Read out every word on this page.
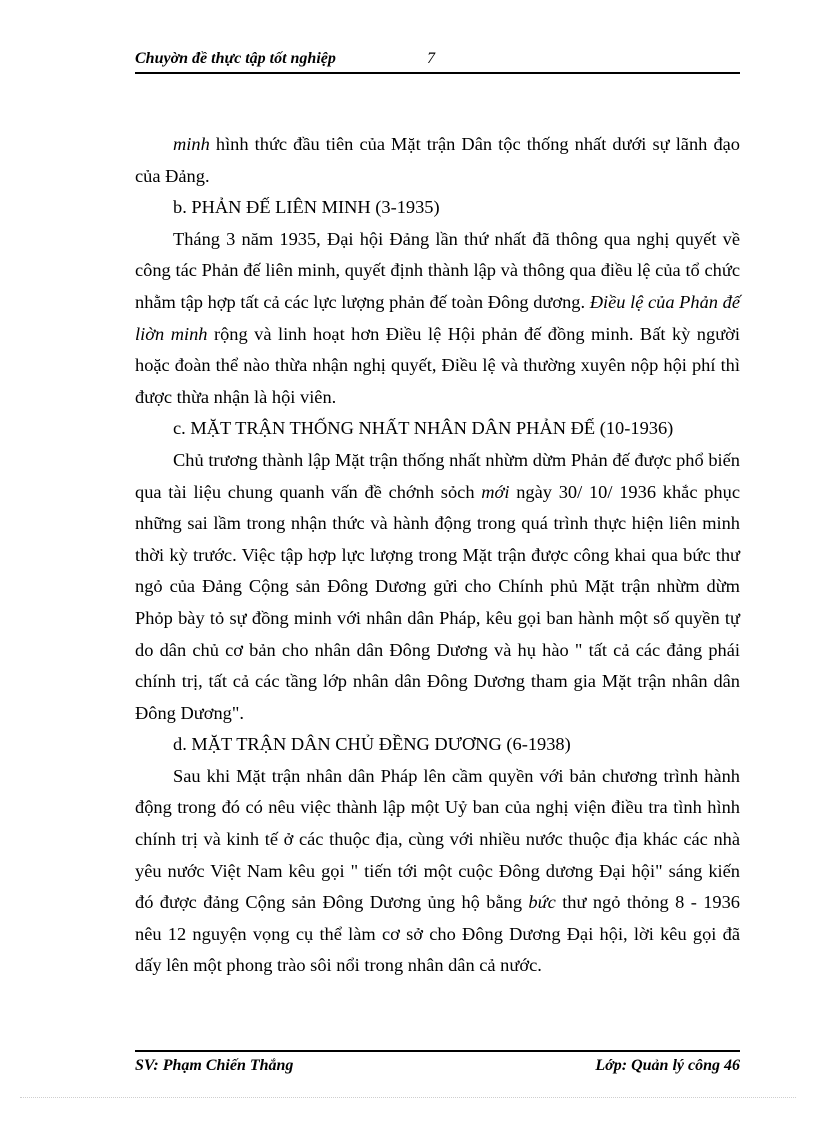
Chuyờn đề thực tập tốt nghiệp	7

minh hình thức đầu tiên của Mặt trận Dân tộc thống nhất dưới sự lãnh đạo của Đảng.

b. PHẢN ĐẾ LIÊN MINH (3-1935)

Tháng 3 năm 1935, Đại hội Đảng lần thứ nhất đã thông qua nghị quyết về công tác Phản đế liên minh, quyết định thành lập và thông qua điều lệ của tổ chức nhằm tập hợp tất cả các lực lượng phản đế toàn Đông dương. Điều lệ của Phản đế liờn minh rộng và linh hoạt hơn Điều lệ Hội phản đế đồng minh. Bất kỳ người hoặc đoàn thể nào thừa nhận nghị quyết, Điều lệ và thường xuyên nộp hội phí thì được thừa nhận là hội viên.

c. MẶT TRẬN THỐNG NHẤT NHÂN DÂN PHẢN ĐẾ (10-1936)

Chủ trương thành lập Mặt trận thống nhất nhừm dừm Phản đế được phổ biến qua tài liệu chung quanh vấn đề chớnh sỏch mới ngày 30/ 10/ 1936 khắc phục những sai lầm trong nhận thức và hành động trong quá trình thực hiện liên minh thời kỳ trước. Việc tập hợp lực lượng trong Mặt trận được công khai qua bức thư ngỏ của Đảng Cộng sản Đông Dương gửi cho Chính phủ Mặt trận nhừm dừm Phỏp bày tỏ sự đồng minh với nhân dân Pháp, kêu gọi ban hành một số quyền tự do dân chủ cơ bản cho nhân dân Đông Dương và hụ hào " tất cả các đảng phái chính trị, tất cả các tầng lớp nhân dân Đông Dương tham gia Mặt trận nhân dân Đông Dương".

d. MẶT TRẬN DÂN CHỦ ĐỀNG DƯƠNG (6-1938)

Sau khi Mặt trận nhân dân Pháp lên cầm quyền với bản chương trình hành động trong đó có nêu việc thành lập một Uỷ ban của nghị viện điều tra tình hình chính trị và kinh tế ở các thuộc địa, cùng với nhiều nước thuộc địa khác các nhà yêu nước Việt Nam kêu gọi " tiến tới một cuộc Đông dương Đại hội" sáng kiến đó được đảng Cộng sản Đông Dương ủng hộ bằng bức thư ngỏ thỏng 8 - 1936 nêu 12 nguyện vọng cụ thể làm cơ sở cho Đông Dương Đại hội, lời kêu gọi đã dấy lên một phong trào sôi nổi trong nhân dân cả nước.

SV: Phạm Chiến Thắng	Lớp: Quản lý công 46
